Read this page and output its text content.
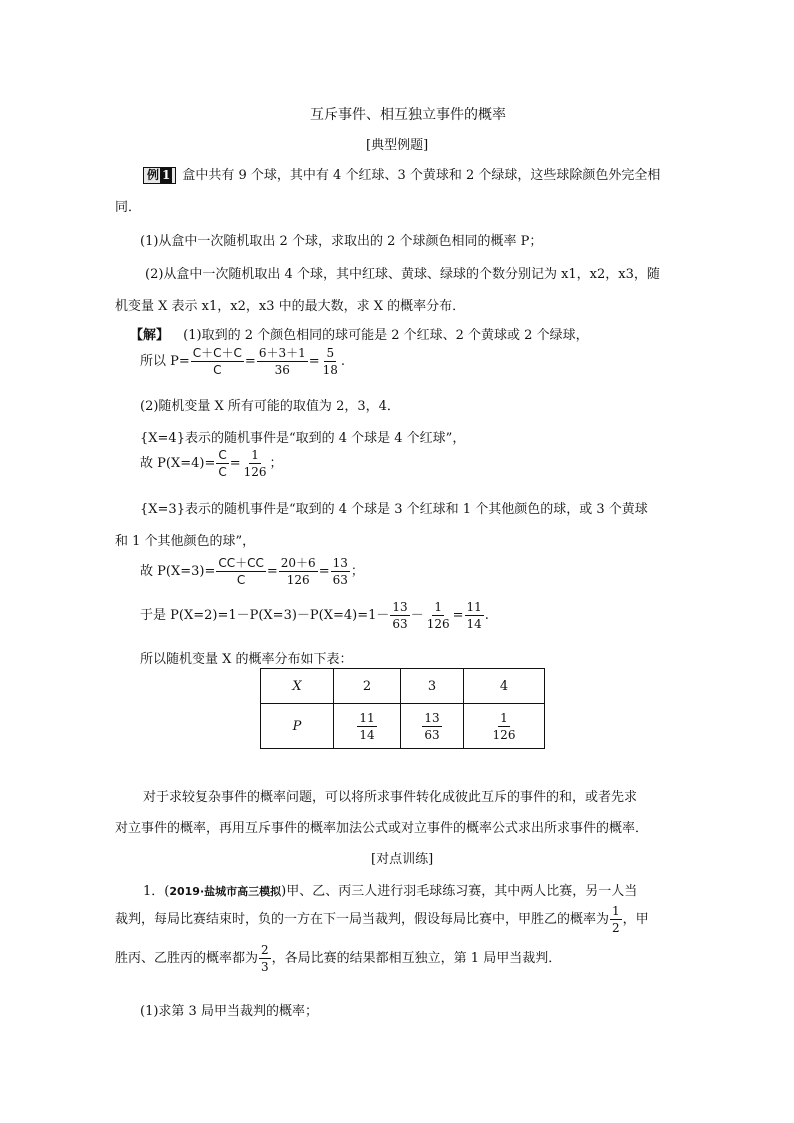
互斥事件、相互独立事件的概率
[典型例题]
例 1 盒中共有 9 个球，其中有 4 个红球、3 个黄球和 2 个绿球，这些球除颜色外完全相
同．
(1)从盒中一次随机取出 2 个球，求取出的 2 个球颜色相同的概率 P；
(2)从盒中一次随机取出 4 个球，其中红球、黄球、绿球的个数分别记为 x1，x2，x3，随
机变量 X 表示 x1，x2，x3 中的最大数，求 X 的概率分布．
【解】 (1)取到的 2 个颜色相同的球可能是 2 个红球、2 个黄球或 2 个绿球，
所以 $P= \frac{C+C+C}{C} = \frac{6+3+1}{36} = \frac{5}{18}$ .
(2)随机变量 X 所有可能的取值为 2，3，4．
{X=4}表示的随机事件是“取到的 4 个球是 4 个红球”，
故 $P(X=4)= \frac{C}{C} = \frac{1}{126}$ ；
{X=3}表示的随机事件是“取到的 4 个球是 3 个红球和 1 个其他颜色的球，或 3 个黄球
和 1 个其他颜色的球”，
故 $P(X=3)= \frac{CC+CC}{C} = \frac{20+6}{126} = \frac{13}{63}$ ；
于是 $P(X=2)=1-P(X=3)-P(X=4)=1- \frac{13}{63} - \frac{1}{126} = \frac{11}{14}$ .
所以随机变量 X 的概率分布如下表：
X	2	3	4
P	$\frac{11}{14}$	$\frac{13}{63}$	$\frac{1}{126}$
对于求较复杂事件的概率问题，可以将所求事件转化成彼此互斥的事件的和，或者先求
对立事件的概率，再用互斥事件的概率加法公式或对立事件的概率公式求出所求事件的概率．
[对点训练]
1．(2019·盐城市高三模拟)甲、乙、丙三人进行羽毛球练习赛，其中两人比赛，另一人当
裁判，每局比赛结束时，负的一方在下一局当裁判，假设每局比赛中，甲胜乙的概率为 $\frac{1}{2}$ ，甲
胜丙、乙胜丙的概率都为 $\frac{2}{3}$ ，各局比赛的结果都相互独立，第 1 局甲当裁判．
(1)求第 3 局甲当裁判的概率；
